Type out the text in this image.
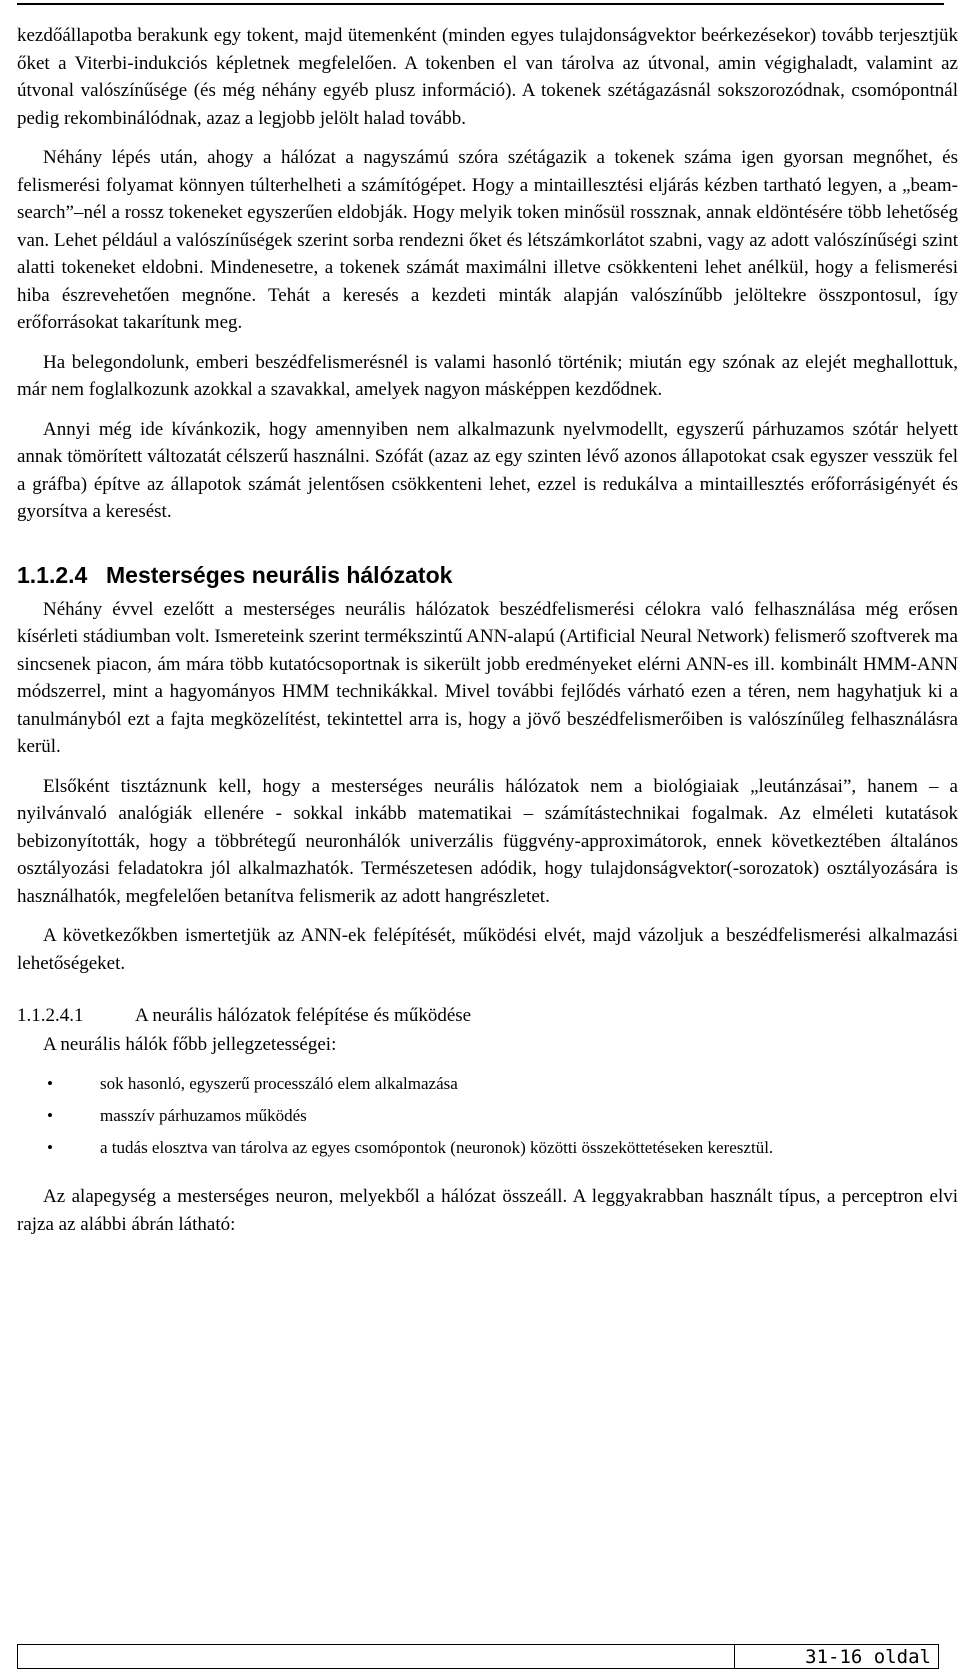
kezdőállapotba berakunk egy tokent, majd ütemenként (minden egyes tulajdonságvektor beérkezésekor) tovább terjesztjük őket a Viterbi-indukciós képletnek megfelelően. A tokenben el van tárolva az útvonal, amin végighaladt, valamint az útvonal valószínűsége (és még néhány egyéb plusz információ). A tokenek szétágazásnál sokszorozódnak, csomópontnál pedig rekombinálódnak, azaz a legjobb jelölt halad tovább.

Néhány lépés után, ahogy a hálózat a nagyszámú szóra szétágazik a tokenek száma igen gyorsan megnőhet, és felismerési folyamat könnyen túlterhelheti a számítógépet. Hogy a mintaillesztési eljárás kézben tartható legyen, a „beam-search”–nél a rossz tokeneket egyszerűen eldobják. Hogy melyik token minősül rossznak, annak eldöntésére több lehetőség van. Lehet például a valószínűségek szerint sorba rendezni őket és létszámkorlátot szabni, vagy az adott valószínűségi szint alatti tokeneket eldobni. Mindenesetre, a tokenek számát maximálni illetve csökkenteni lehet anélkül, hogy a felismerési hiba észrevehetően megnőne. Tehát a keresés a kezdeti minták alapján valószínűbb jelöltekre összpontosul, így erőforrásokat takarítunk meg.

Ha belegondolunk, emberi beszédfelismerésnél is valami hasonló történik; miután egy szónak az elejét meghallottuk, már nem foglalkozunk azokkal a szavakkal, amelyek nagyon másképpen kezdődnek.

Annyi még ide kívánkozik, hogy amennyiben nem alkalmazunk nyelvmodellt, egyszerű párhuzamos szótár helyett annak tömörített változatát célszerű használni. Szófát (azaz az egy szinten lévő azonos állapotokat csak egyszer vesszük fel a gráfba) építve az állapotok számát jelentősen csökkenteni lehet, ezzel is redukálva a mintaillesztés erőforrásigényét és gyorsítva a keresést.

1.1.2.4 Mesterséges neurális hálózatok

Néhány évvel ezelőtt a mesterséges neurális hálózatok beszédfelismerési célokra való felhasználása még erősen kísérleti stádiumban volt. Ismereteink szerint termékszintű ANN-alapú (Artificial Neural Network) felismerő szoftverek ma sincsenek piacon, ám mára több kutatócsoportnak is sikerült jobb eredményeket elérni ANN-es ill. kombinált HMM-ANN módszerrel, mint a hagyományos HMM technikákkal. Mivel további fejlődés várható ezen a téren, nem hagyhatjuk ki a tanulmányból ezt a fajta megközelítést, tekintettel arra is, hogy a jövő beszédfelismerőiben is valószínűleg felhasználásra kerül.

Elsőként tisztáznunk kell, hogy a mesterséges neurális hálózatok nem a biológiaiak „leutánzásai”, hanem – a nyilvánvaló analógiák ellenére - sokkal inkább matematikai – számítástechnikai fogalmak. Az elméleti kutatások bebizonyították, hogy a többrétegű neuronhálók univerzális függvény-approximátorok, ennek következtében általános osztályozási feladatokra jól alkalmazhatók. Természetesen adódik, hogy tulajdonságvektor(-sorozatok) osztályozására is használhatók, megfelelően betanítva felismerik az adott hangrészletet.

A következőkben ismertetjük az ANN-ek felépítését, működési elvét, majd vázoljuk a beszédfelismerési alkalmazási lehetőségeket.

1.1.2.4.1	A neurális hálózatok felépítése és működése

A neurális hálók főbb jellegzetességei:

•	sok hasonló, egyszerű processzáló elem alkalmazása
•	masszív párhuzamos működés
•	a tudás elosztva van tárolva az egyes csomópontok (neuronok) közötti összeköttetéseken keresztül.

Az alapegység a mesterséges neuron, melyekből a hálózat összeáll. A leggyakrabban használt típus, a perceptron elvi rajza az alábbi ábrán látható:

31-16 oldal
